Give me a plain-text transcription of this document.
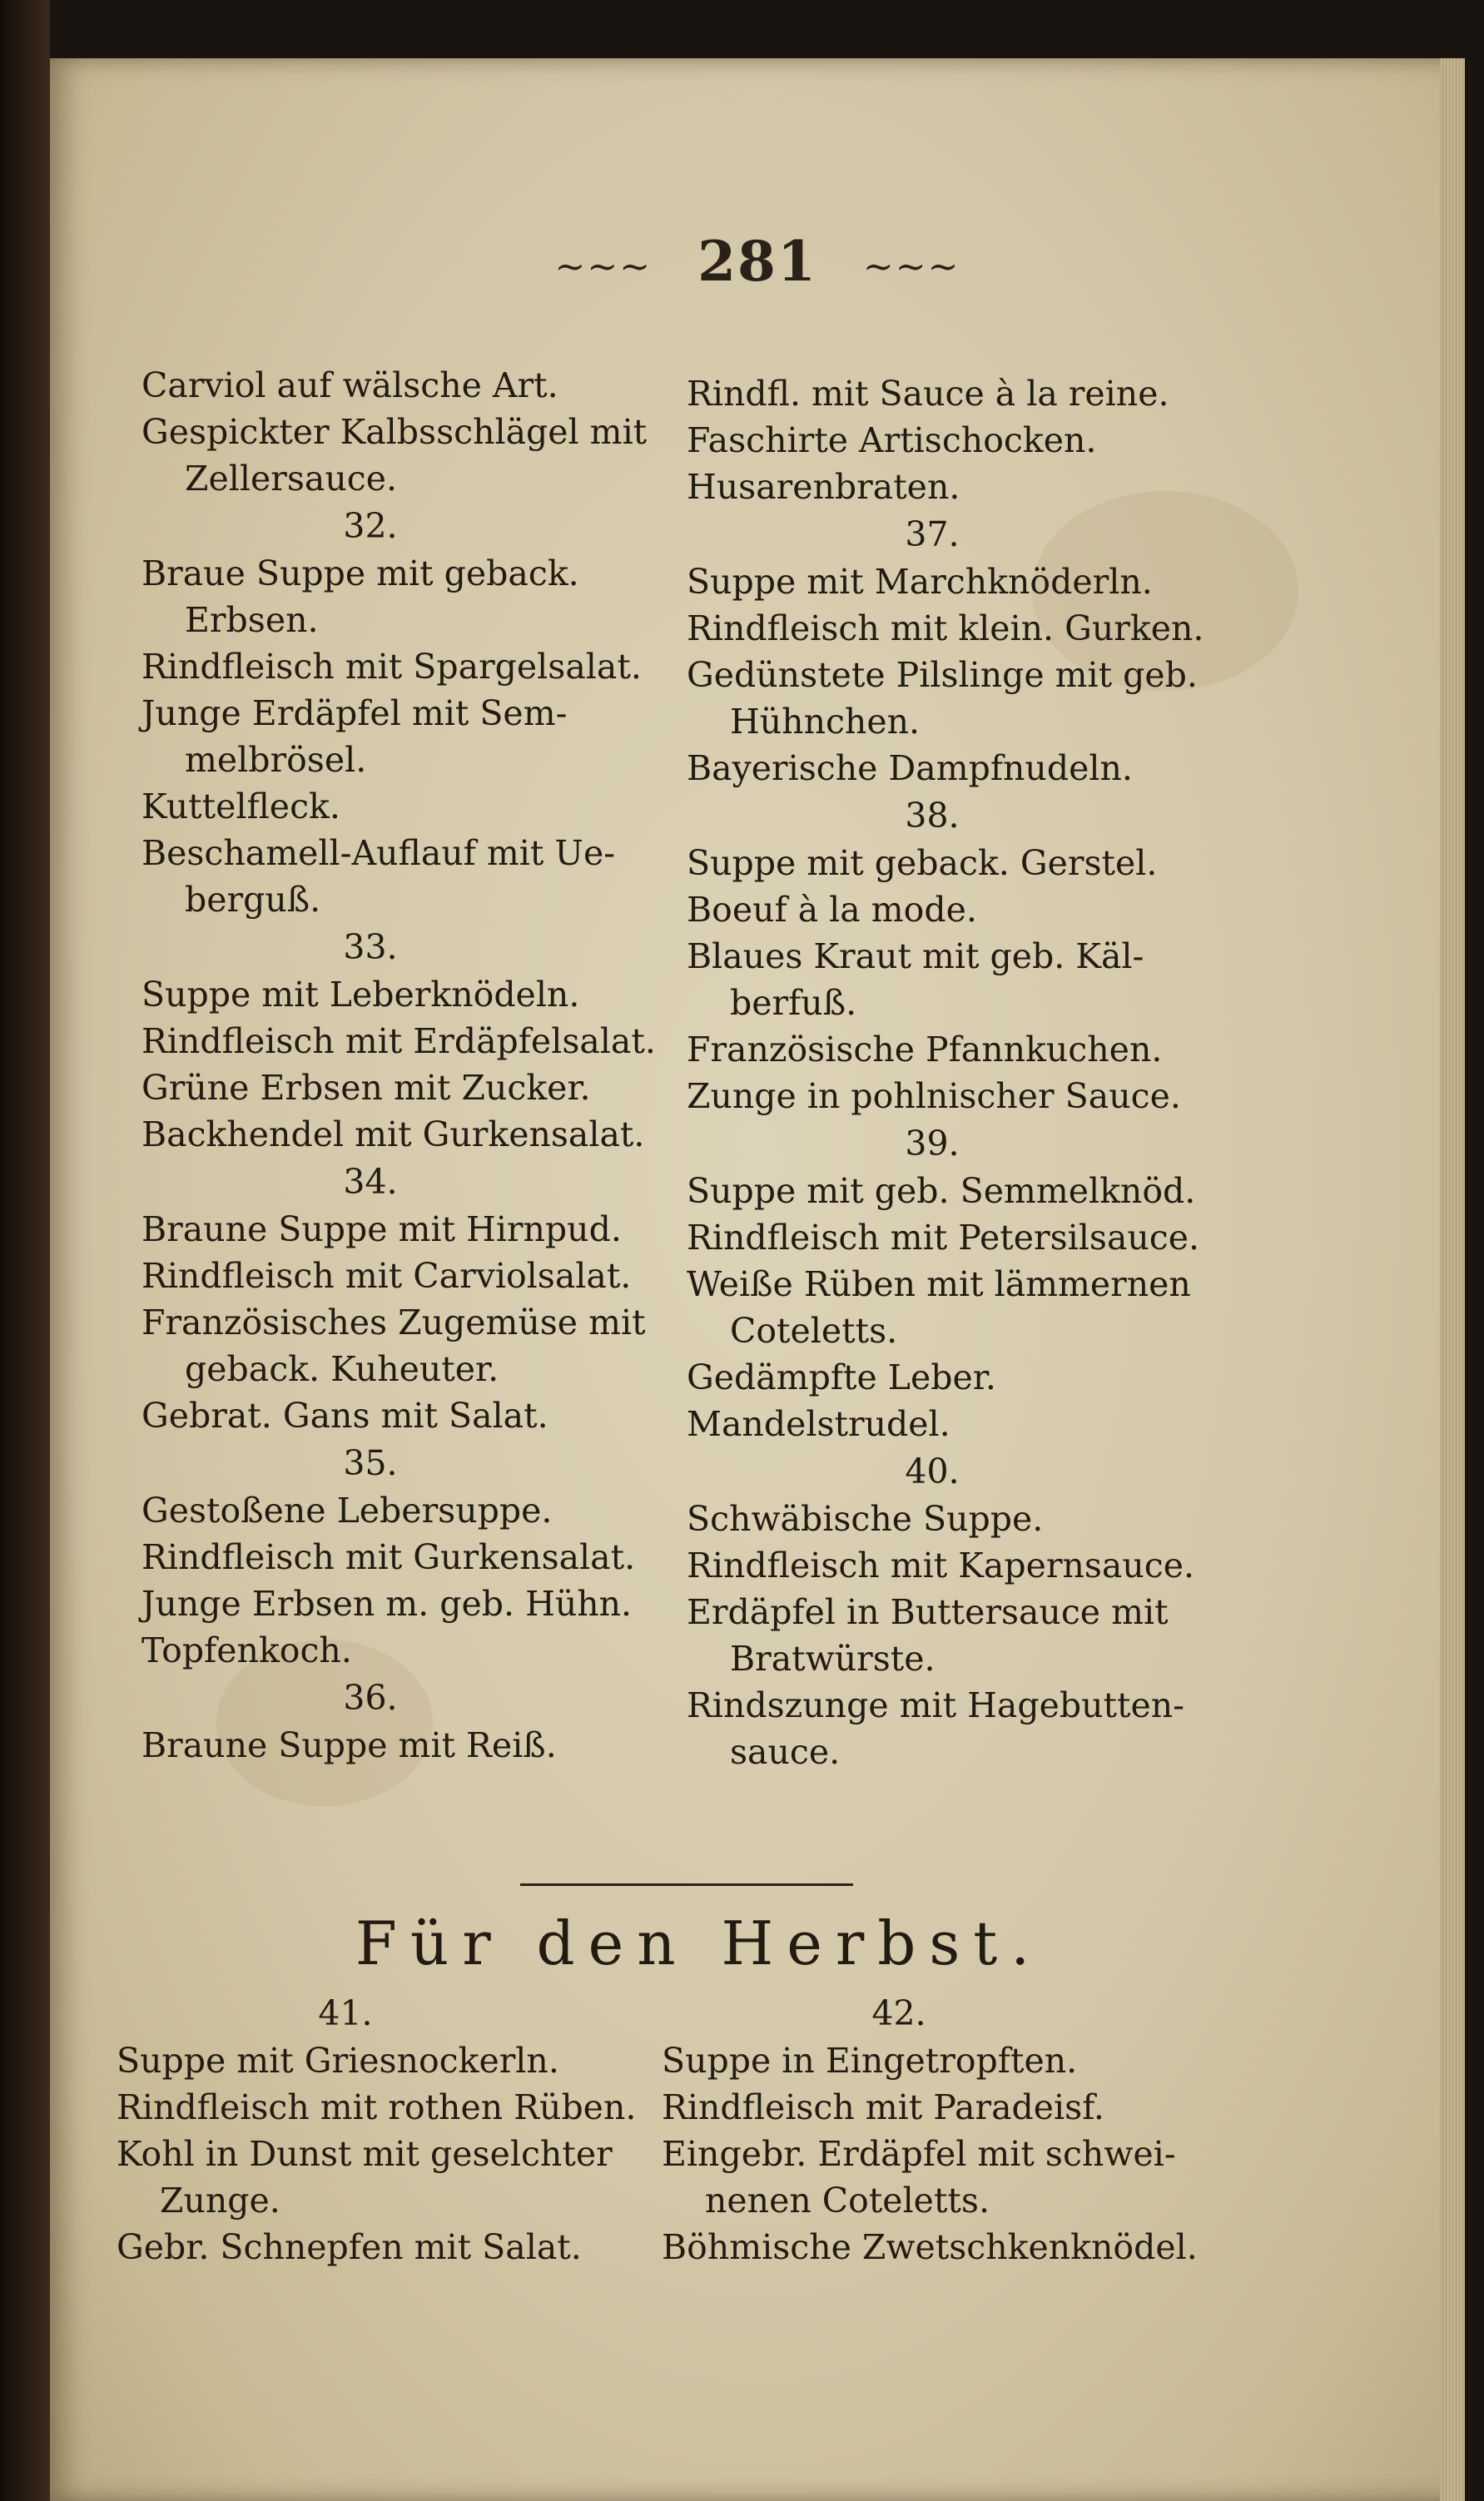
~~~ 281 ~~~
Carviol auf wälsche Art.
Gespickter Kalbsschlägel mit
Zellersauce.
32.
Braue Suppe mit geback.
Erbsen.
Rindfleisch mit Spargelsalat.
Junge Erdäpfel mit Sem-
melbrösel.
Kuttelfleck.
Beschamell-Auflauf mit Ue-
berguß.
33.
Suppe mit Leberknödeln.
Rindfleisch mit Erdäpfelsalat.
Grüne Erbsen mit Zucker.
Backhendel mit Gurkensalat.
34.
Braune Suppe mit Hirnpud.
Rindfleisch mit Carviolsalat.
Französisches Zugemüse mit
geback. Kuheuter.
Gebrat. Gans mit Salat.
35.
Gestoßene Lebersuppe.
Rindfleisch mit Gurkensalat.
Junge Erbsen m. geb. Hühn.
Topfenkoch.
36.
Braune Suppe mit Reiß.
Rindfl. mit Sauce à la reine.
Faschirte Artischocken.
Husarenbraten.
37.
Suppe mit Marchknöderln.
Rindfleisch mit klein. Gurken.
Gedünstete Pilslinge mit geb.
Hühnchen.
Bayerische Dampfnudeln.
38.
Suppe mit geback. Gerstel.
Boeuf à la mode.
Blaues Kraut mit geb. Käl-
berfuß.
Französische Pfannkuchen.
Zunge in pohlnischer Sauce.
39.
Suppe mit geb. Semmelknöd.
Rindfleisch mit Petersilsauce.
Weiße Rüben mit lämmernen
Coteletts.
Gedämpfte Leber.
Mandelstrudel.
40.
Schwäbische Suppe.
Rindfleisch mit Kapernsauce.
Erdäpfel in Buttersauce mit
Bratwürste.
Rindszunge mit Hagebutten-
sauce.
Für den Herbst.
41.
Suppe mit Griesnockerln.
Rindfleisch mit rothen Rüben.
Kohl in Dunst mit geselchter
Zunge.
Gebr. Schnepfen mit Salat.
42.
Suppe in Eingetropften.
Rindfleisch mit Paradeisf.
Eingebr. Erdäpfel mit schwei-
nenen Coteletts.
Böhmische Zwetschkenknödel.
